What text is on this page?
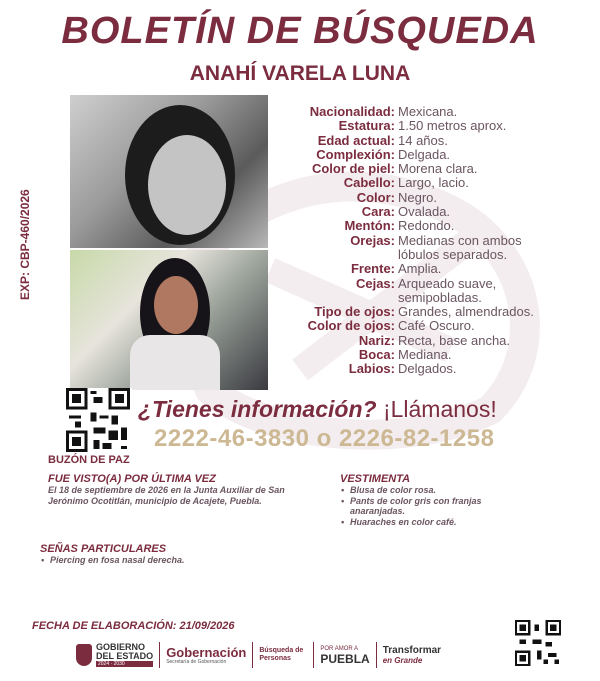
BOLETÍN DE BÚSQUEDA
ANAHÍ VARELA LUNA
EXP: CBP-460/2026
Nacionalidad: Mexicana.
Estatura: 1.50 metros aprox.
Edad actual: 14 años.
Complexión: Delgada.
Color de piel: Morena clara.
Cabello: Largo, lacio.
Color: Negro.
Cara: Ovalada.
Mentón: Redondo.
Orejas: Medianas con ambos lóbulos separados.
Frente: Amplia.
Cejas: Arqueado suave, semipobladas.
Tipo de ojos: Grandes, almendrados.
Color de ojos: Café Oscuro.
Nariz: Recta, base ancha.
Boca: Mediana.
Labios: Delgados.
BUZÓN DE PAZ
¿Tienes información? ¡Llámanos!
2222-46-3830 o 2226-82-1258
FUE VISTO(A) POR ÚLTIMA VEZ
El 18 de septiembre de 2026 en la Junta Auxiliar de San Jerónimo Ocotitlán, municipio de Acajete, Puebla.
VESTIMENTA
• Blusa de color rosa.
• Pants de color gris con franjas anaranjadas.
• Huaraches en color café.
SEÑAS PARTICULARES
• Piercing en fosa nasal derecha.
FECHA DE ELABORACIÓN: 21/09/2026
GOBIERNO
DEL ESTADO
2024 · 2030
Gobernación
Secretaría de Gobernación
Búsqueda de Personas
POR AMOR A
PUEBLA
Transformar
en Grande
